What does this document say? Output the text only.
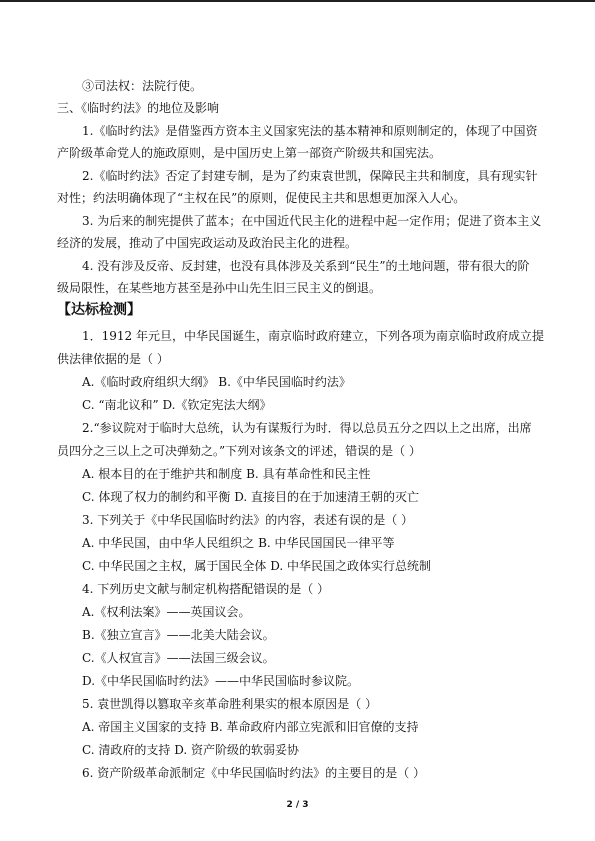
③司法权：法院行使。
三、《临时约法》的地位及影响
1.《临时约法》是借鉴西方资本主义国家宪法的基本精神和原则制定的，体现了中国资
产阶级革命党人的施政原则，是中国历史上第一部资产阶级共和国宪法。
2.《临时约法》否定了封建专制，是为了约束袁世凯，保障民主共和制度，具有现实针
对性；约法明确体现了“主权在民”的原则，促使民主共和思想更加深入人心。
3. 为后来的制宪提供了蓝本；在中国近代民主化的进程中起一定作用；促进了资本主义
经济的发展，推动了中国宪政运动及政治民主化的进程。
4. 没有涉及反帝、反封建，也没有具体涉及关系到“民生”的土地问题，带有很大的阶
级局限性，在某些地方甚至是孙中山先生旧三民主义的倒退。
【达标检测】
1．1912 年元旦，中华民国诞生，南京临时政府建立，下列各项为南京临时政府成立提
供法律依据的是（ ）
A.《临时政府组织大纲》 B.《中华民国临时约法》
C. “南北议和” D.《钦定宪法大纲》
2.“参议院对于临时大总统，认为有谋叛行为时．得以总员五分之四以上之出席，出席
员四分之三以上之可决弹劾之。”下列对该条文的评述，错误的是（ ）
A. 根本目的在于维护共和制度 B. 具有革命性和民主性
C. 体现了权力的制约和平衡 D. 直接目的在于加速清王朝的灭亡
3. 下列关于《中华民国临时约法》的内容，表述有误的是（ ）
A. 中华民国，由中华人民组织之 B. 中华民国国民一律平等
C. 中华民国之主权，属于国民全体 D. 中华民国之政体实行总统制
4. 下列历史文献与制定机构搭配错误的是（ ）
A.《权利法案》——英国议会。
B.《独立宣言》——北美大陆会议。
C.《人权宣言》——法国三级会议。
D.《中华民国临时约法》——中华民国临时参议院。
5. 袁世凯得以篡取辛亥革命胜利果实的根本原因是（ ）
A. 帝国主义国家的支持 B. 革命政府内部立宪派和旧官僚的支持
C. 清政府的支持 D. 资产阶级的软弱妥协
6. 资产阶级革命派制定《中华民国临时约法》的主要目的是（ ）
2 / 3
